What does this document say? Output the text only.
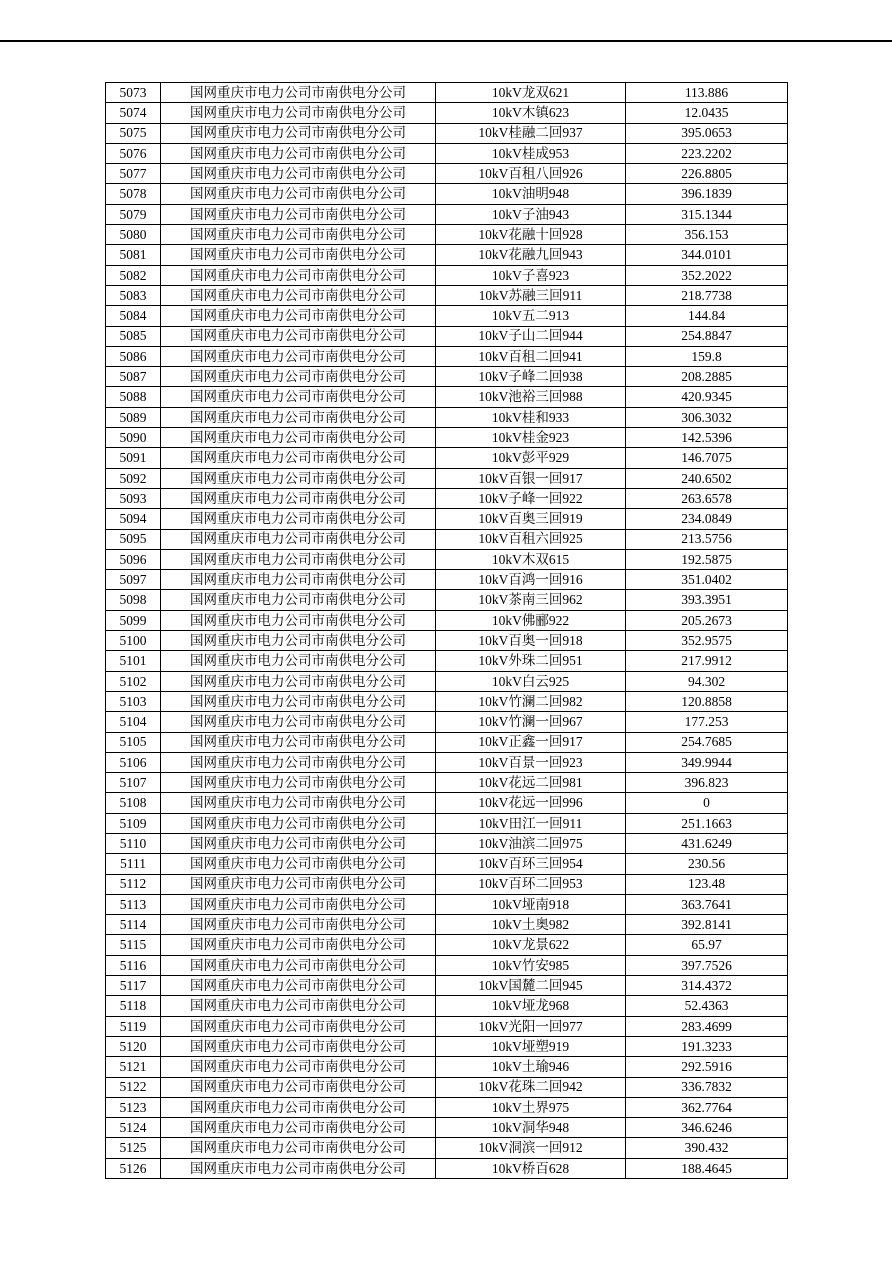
5073	国网重庆市电力公司市南供电分公司	10kV龙双621	113.886
5074	国网重庆市电力公司市南供电分公司	10kV木镇623	12.0435
5075	国网重庆市电力公司市南供电分公司	10kV桂融二回937	395.0653
5076	国网重庆市电力公司市南供电分公司	10kV桂成953	223.2202
5077	国网重庆市电力公司市南供电分公司	10kV百租八回926	226.8805
5078	国网重庆市电力公司市南供电分公司	10kV油明948	396.1839
5079	国网重庆市电力公司市南供电分公司	10kV子油943	315.1344
5080	国网重庆市电力公司市南供电分公司	10kV花融十回928	356.153
5081	国网重庆市电力公司市南供电分公司	10kV花融九回943	344.0101
5082	国网重庆市电力公司市南供电分公司	10kV子喜923	352.2022
5083	国网重庆市电力公司市南供电分公司	10kV苏融三回911	218.7738
5084	国网重庆市电力公司市南供电分公司	10kV五二913	144.84
5085	国网重庆市电力公司市南供电分公司	10kV子山二回944	254.8847
5086	国网重庆市电力公司市南供电分公司	10kV百租二回941	159.8
5087	国网重庆市电力公司市南供电分公司	10kV子峰二回938	208.2885
5088	国网重庆市电力公司市南供电分公司	10kV池裕三回988	420.9345
5089	国网重庆市电力公司市南供电分公司	10kV桂和933	306.3032
5090	国网重庆市电力公司市南供电分公司	10kV桂金923	142.5396
5091	国网重庆市电力公司市南供电分公司	10kV彭平929	146.7075
5092	国网重庆市电力公司市南供电分公司	10kV百银一回917	240.6502
5093	国网重庆市电力公司市南供电分公司	10kV子峰一回922	263.6578
5094	国网重庆市电力公司市南供电分公司	10kV百奥三回919	234.0849
5095	国网重庆市电力公司市南供电分公司	10kV百租六回925	213.5756
5096	国网重庆市电力公司市南供电分公司	10kV木双615	192.5875
5097	国网重庆市电力公司市南供电分公司	10kV百鸿一回916	351.0402
5098	国网重庆市电力公司市南供电分公司	10kV茶南三回962	393.3951
5099	国网重庆市电力公司市南供电分公司	10kV佛郦922	205.2673
5100	国网重庆市电力公司市南供电分公司	10kV百奥一回918	352.9575
5101	国网重庆市电力公司市南供电分公司	10kV外珠二回951	217.9912
5102	国网重庆市电力公司市南供电分公司	10kV白云925	94.302
5103	国网重庆市电力公司市南供电分公司	10kV竹澜二回982	120.8858
5104	国网重庆市电力公司市南供电分公司	10kV竹澜一回967	177.253
5105	国网重庆市电力公司市南供电分公司	10kV正鑫一回917	254.7685
5106	国网重庆市电力公司市南供电分公司	10kV百景一回923	349.9944
5107	国网重庆市电力公司市南供电分公司	10kV花远二回981	396.823
5108	国网重庆市电力公司市南供电分公司	10kV花远一回996	0
5109	国网重庆市电力公司市南供电分公司	10kV田江一回911	251.1663
5110	国网重庆市电力公司市南供电分公司	10kV油滨二回975	431.6249
5111	国网重庆市电力公司市南供电分公司	10kV百环三回954	230.56
5112	国网重庆市电力公司市南供电分公司	10kV百环二回953	123.48
5113	国网重庆市电力公司市南供电分公司	10kV垭南918	363.7641
5114	国网重庆市电力公司市南供电分公司	10kV土奥982	392.8141
5115	国网重庆市电力公司市南供电分公司	10kV龙景622	65.97
5116	国网重庆市电力公司市南供电分公司	10kV竹安985	397.7526
5117	国网重庆市电力公司市南供电分公司	10kV国麓二回945	314.4372
5118	国网重庆市电力公司市南供电分公司	10kV垭龙968	52.4363
5119	国网重庆市电力公司市南供电分公司	10kV光阳一回977	283.4699
5120	国网重庆市电力公司市南供电分公司	10kV垭塑919	191.3233
5121	国网重庆市电力公司市南供电分公司	10kV土瑜946	292.5916
5122	国网重庆市电力公司市南供电分公司	10kV花珠二回942	336.7832
5123	国网重庆市电力公司市南供电分公司	10kV土界975	362.7764
5124	国网重庆市电力公司市南供电分公司	10kV洞华948	346.6246
5125	国网重庆市电力公司市南供电分公司	10kV洞滨一回912	390.432
5126	国网重庆市电力公司市南供电分公司	10kV桥百628	188.4645
